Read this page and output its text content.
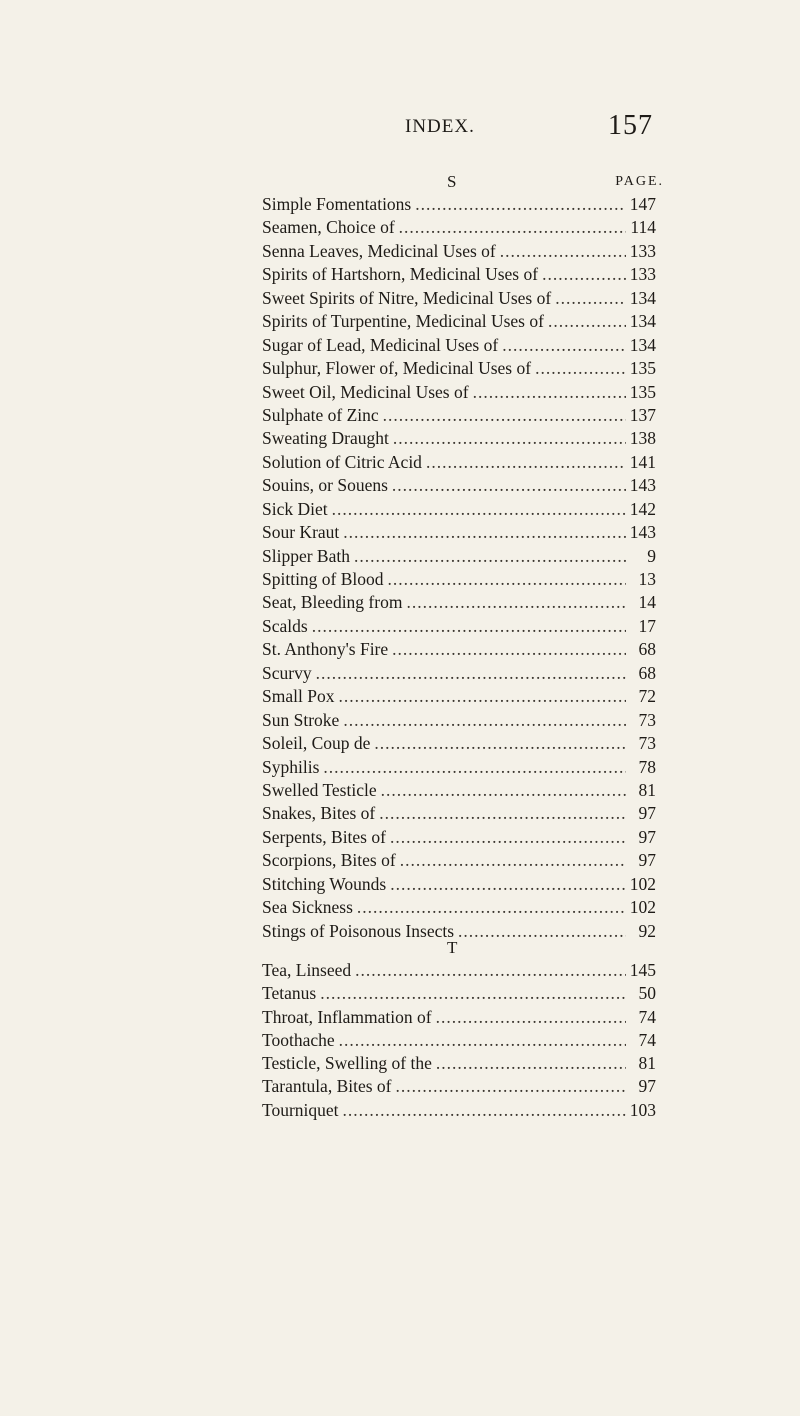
INDEX.	157
S	PAGE.
Simple Fomentations .....	147
Seamen, Choice of .....	114
Senna Leaves, Medicinal Uses of .....	133
Spirits of Hartshorn, Medicinal Uses of .....	133
Sweet Spirits of Nitre, Medicinal Uses of .....	134
Spirits of Turpentine, Medicinal Uses of .....	134
Sugar of Lead, Medicinal Uses of .....	134
Sulphur, Flower of, Medicinal Uses of .....	135
Sweet Oil, Medicinal Uses of .....	135
Sulphate of Zinc .....	137
Sweating Draught .....	138
Solution of Citric Acid .....	141
Souins, or Souens .....	143
Sick Diet .....	142
Sour Kraut .....	143
Slipper Bath .....	9
Spitting of Blood .....	13
Seat, Bleeding from .....	14
Scalds .....	17
St. Anthony's Fire .....	68
Scurvy .....	68
Small Pox .....	72
Sun Stroke .....	73
Soleil, Coup de .....	73
Syphilis .....	78
Swelled Testicle .....	81
Snakes, Bites of .....	97
Serpents, Bites of .....	97
Scorpions, Bites of .....	97
Stitching Wounds .....	102
Sea Sickness .....	102
Stings of Poisonous Insects .....	92
T
Tea, Linseed .....	145
Tetanus .....	50
Throat, Inflammation of .....	74
Toothache .....	74
Testicle, Swelling of the .....	81
Tarantula, Bites of .....	97
Tourniquet .....	103
